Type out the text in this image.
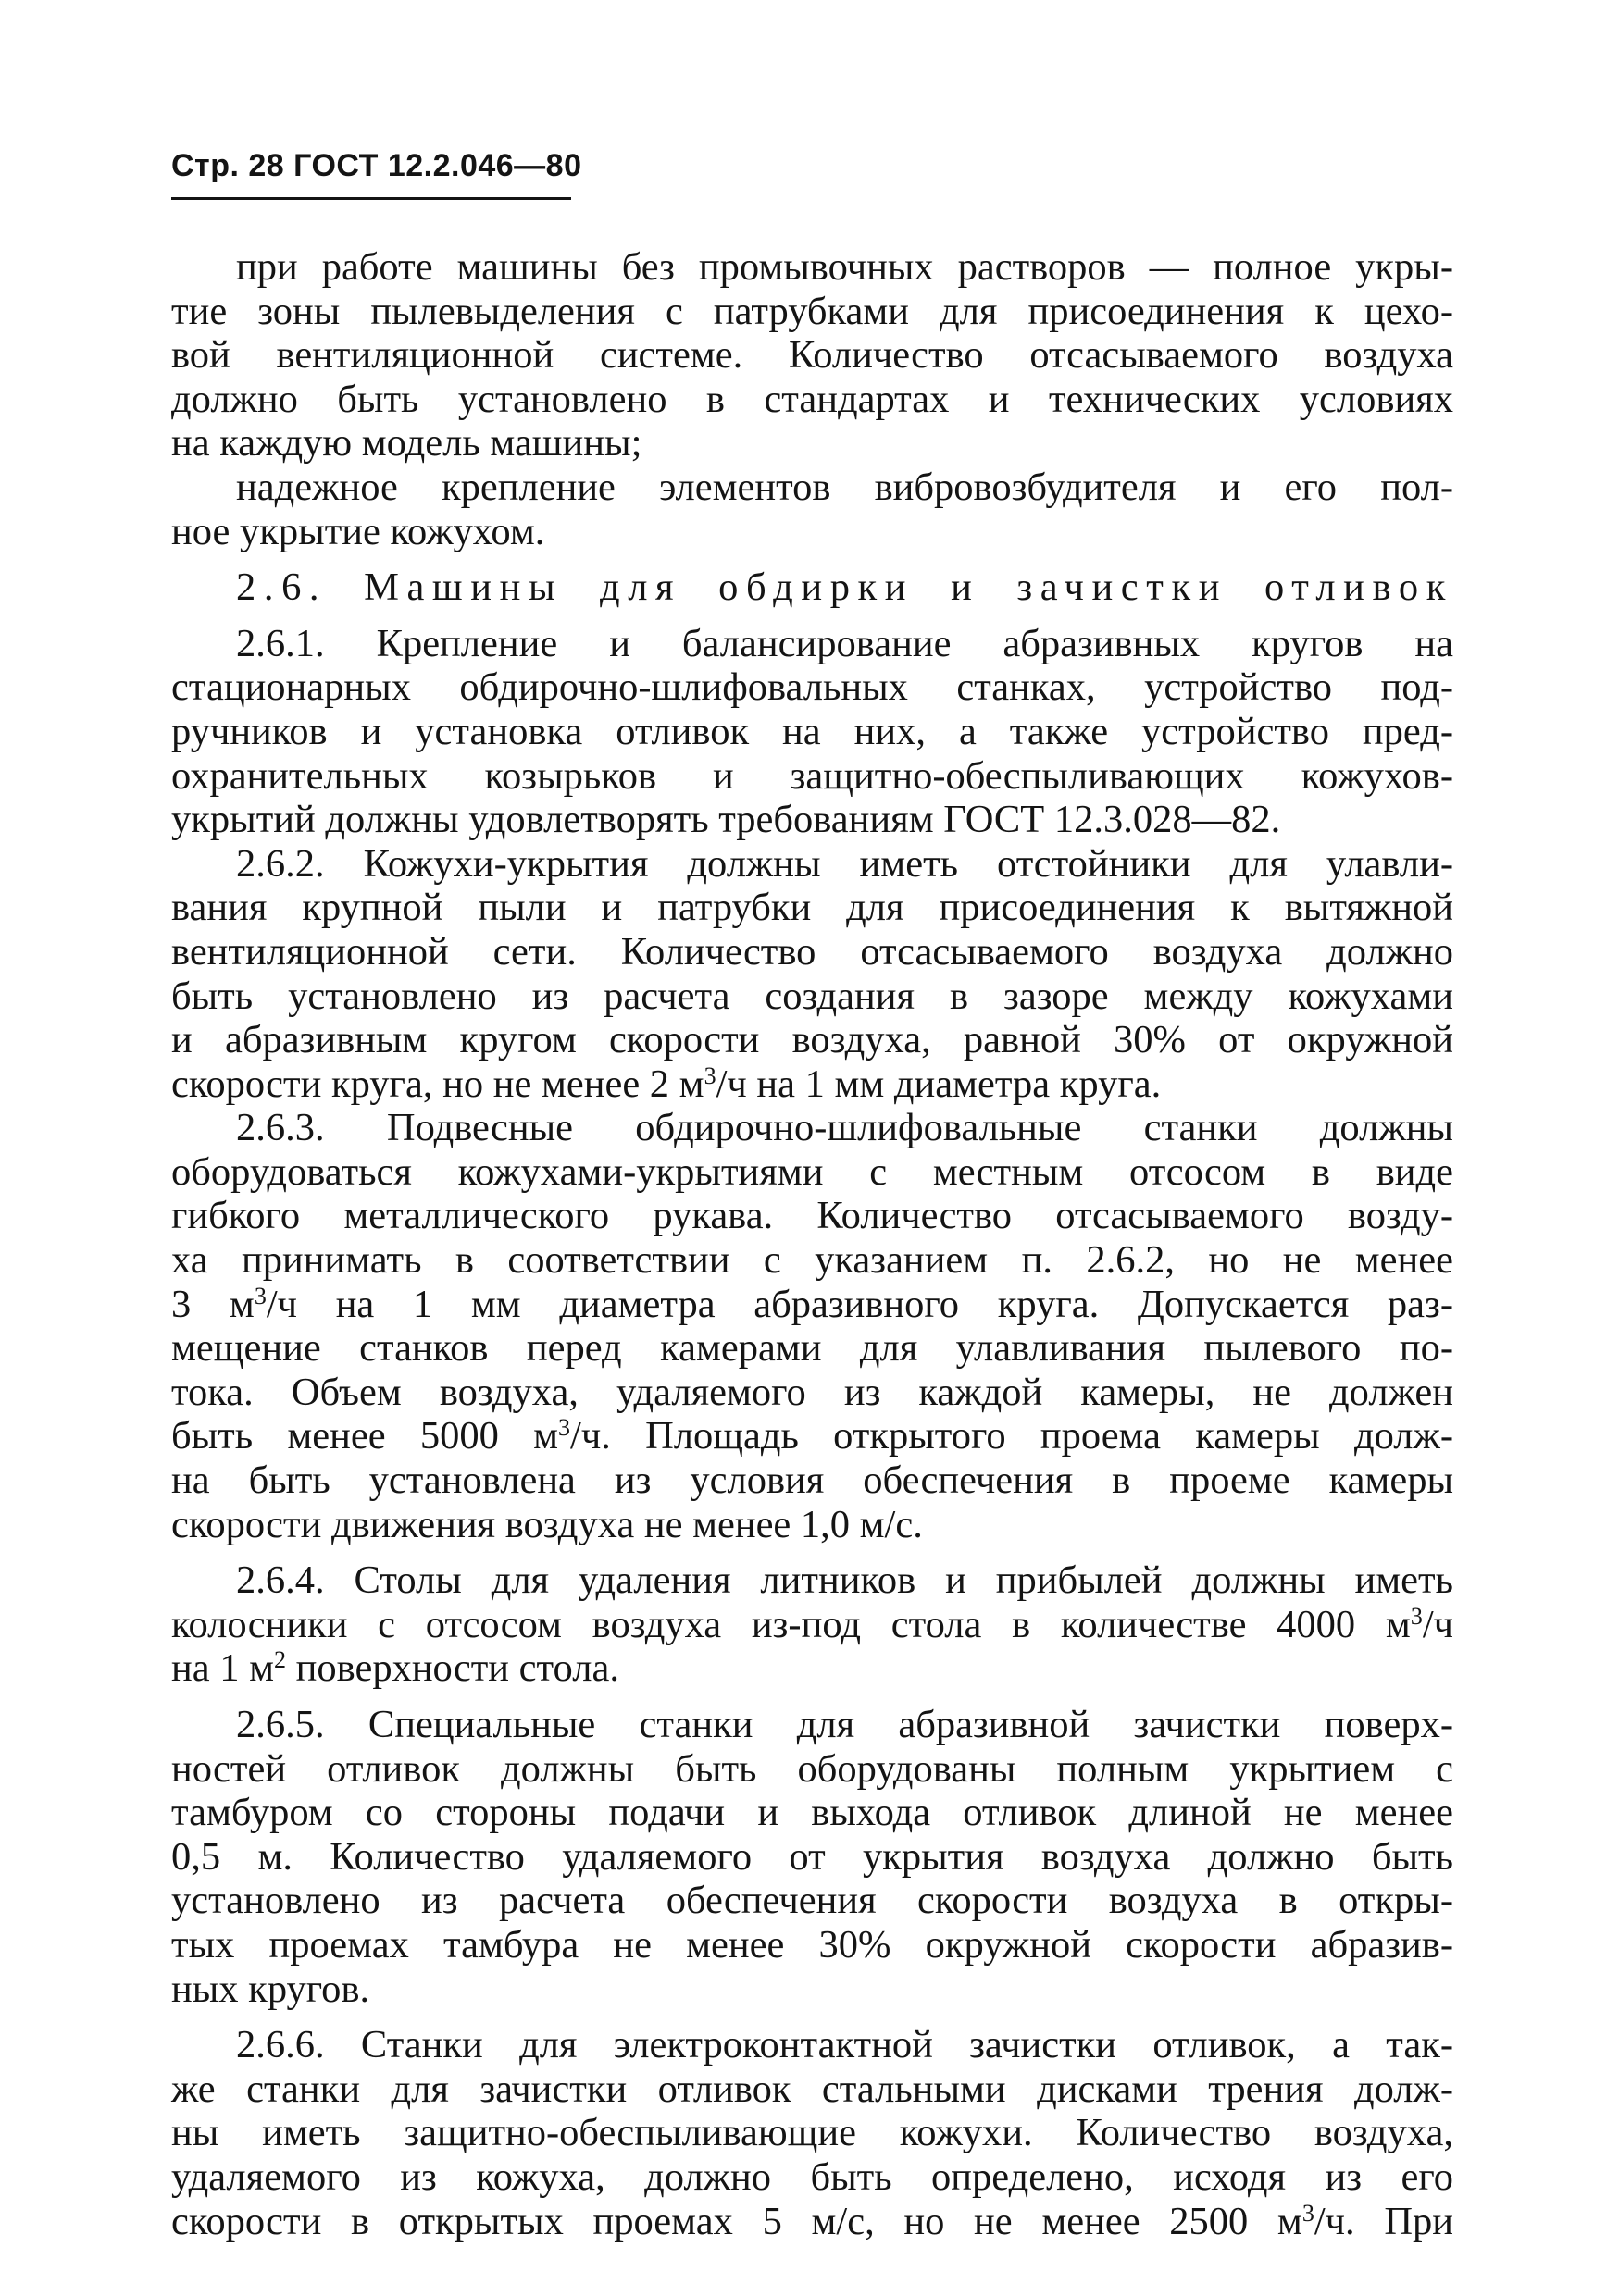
Стр. 28 ГОСТ 12.2.046—80
при работе машины без промывочных растворов — полное укры-
тие зоны пылевыделения с патрубками для присоединения к цехо-
вой вентиляционной системе. Количество отсасываемого воздуха
должно быть установлено в стандартах и технических условиях
на каждую модель машины;
надежное крепление элементов вибровозбудителя и его пол-
ное укрытие кожухом.
2.6. Машины для обдирки и зачистки отливок
2.6.1. Крепление и балансирование абразивных кругов на
стационарных обдирочно-шлифовальных станках, устройство под-
ручников и установка отливок на них, а также устройство пред-
охранительных козырьков и защитно-обеспыливающих кожухов-
укрытий должны удовлетворять требованиям ГОСТ 12.3.028—82.
2.6.2. Кожухи-укрытия должны иметь отстойники для улавли-
вания крупной пыли и патрубки для присоединения к вытяжной
вентиляционной сети. Количество отсасываемого воздуха должно
быть установлено из расчета создания в зазоре между кожухами
и абразивным кругом скорости воздуха, равной 30% от окружной
скорости круга, но не менее 2 $м^3/ч$ на 1 мм диаметра круга.
2.6.3. Подвесные обдирочно-шлифовальные станки должны
оборудоваться кожухами-укрытиями с местным отсосом в виде
гибкого металлического рукава. Количество отсасываемого возду-
ха принимать в соответствии с указанием п. 2.6.2, но не менее
3 $м^3/ч$ на 1 мм диаметра абразивного круга. Допускается раз-
мещение станков перед камерами для улавливания пылевого по-
тока. Объем воздуха, удаляемого из каждой камеры, не должен
быть менее 5000 $м^3/ч$. Площадь открытого проема камеры долж-
на быть установлена из условия обеспечения в проеме камеры
скорости движения воздуха не менее 1,0 м/с.
2.6.4. Столы для удаления литников и прибылей должны иметь
колосники с отсосом воздуха из-под стола в количестве 4000 $м^3/ч$
на 1 $м^2$ поверхности стола.
2.6.5. Специальные станки для абразивной зачистки поверх-
ностей отливок должны быть оборудованы полным укрытием с
тамбуром со стороны подачи и выхода отливок длиной не менее
0,5 м. Количество удаляемого от укрытия воздуха должно быть
установлено из расчета обеспечения скорости воздуха в откры-
тых проемах тамбура не менее 30% окружной скорости абразив-
ных кругов.
2.6.6. Станки для электроконтактной зачистки отливок, а так-
же станки для зачистки отливок стальными дисками трения долж-
ны иметь защитно-обеспыливающие кожухи. Количество воздуха,
удаляемого из кожуха, должно быть определено, исходя из его
скорости в открытых проемах 5 м/с, но не менее 2500 $м^3/ч$. При
